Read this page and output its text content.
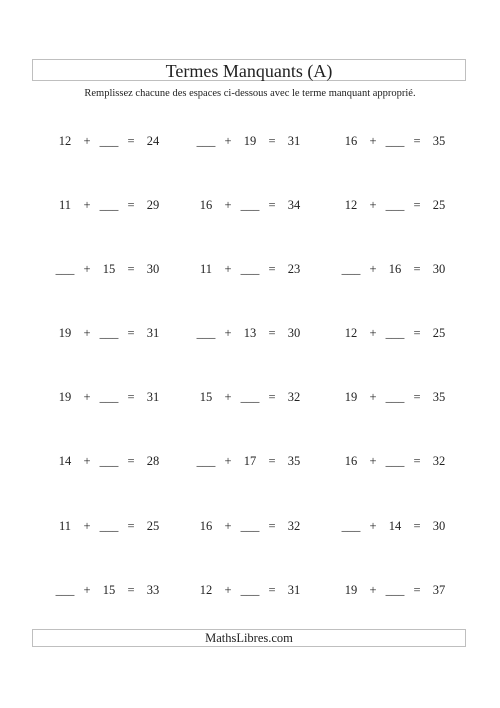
Termes Manquants (A)
Remplissez chacune des espaces ci-dessous avec le terme manquant approprié.
12 + ___ = 24	___ + 19 = 31	16 + ___ = 35
11 + ___ = 29	16 + ___ = 34	12 + ___ = 25
___ + 15 = 30	11 + ___ = 23	___ + 16 = 30
19 + ___ = 31	___ + 13 = 30	12 + ___ = 25
19 + ___ = 31	15 + ___ = 32	19 + ___ = 35
14 + ___ = 28	___ + 17 = 35	16 + ___ = 32
11 + ___ = 25	16 + ___ = 32	___ + 14 = 30
___ + 15 = 33	12 + ___ = 31	19 + ___ = 37
MathsLibres.com
